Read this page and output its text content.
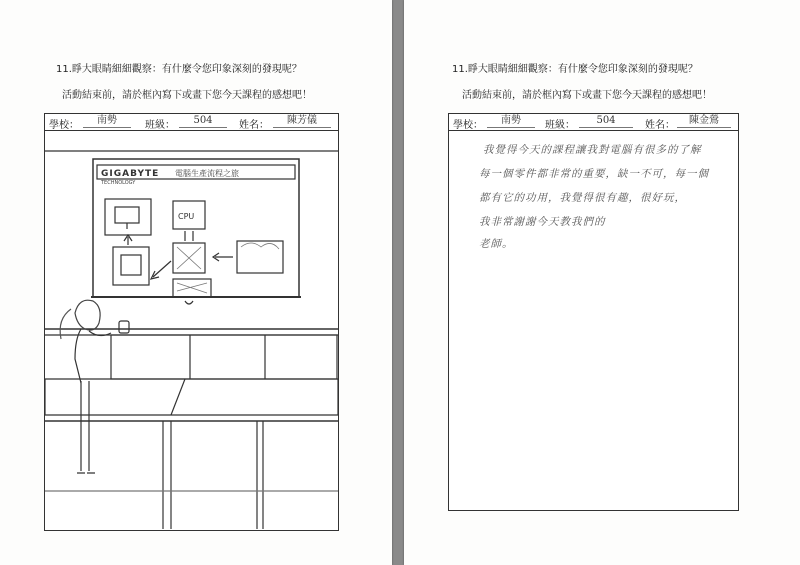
11.睜大眼睛細細觀察：有什麼令您印象深刻的發現呢？
活動結束前，請於框內寫下或畫下您今天課程的感想吧！
學校：	南勢	班級：	504	姓名：	陳芳儀
GIGABYTE
TECHNOLOGY
電腦生產流程之旅
CPU
11.睜大眼睛細細觀察：有什麼令您印象深刻的發現呢？
活動結束前，請於框內寫下或畫下您今天課程的感想吧！
學校：	南勢	班級：	504	姓名：	陳金鶯
我覺得今天的課程讓我對電腦有很多的了解
每一個零件都非常的重要，缺一不可，每一個
都有它的功用，我覺得很有趣，很好玩，
我非常謝謝今天教我們的
老師。
